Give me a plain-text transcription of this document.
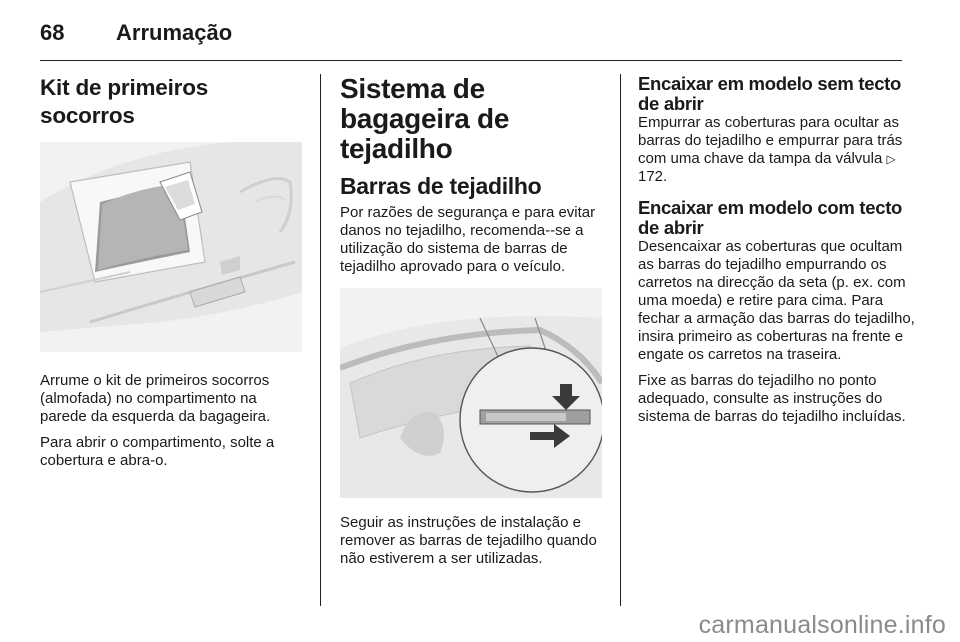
68 Arrumação
Kit de primeiros socorros

Arrume o kit de primeiros socorros (almofada) no compartimento na parede da esquerda da bagageira.

Para abrir o compartimento, solte a cobertura e abra-o.

Sistema de bagageira de tejadilho
Barras de tejadilho

Por razões de segurança e para evitar danos no tejadilho, recomenda--se a utilização do sistema de barras de tejadilho aprovado para o veículo.

Seguir as instruções de instalação e remover as barras de tejadilho quando não estiverem a ser utilizadas.

Encaixar em modelo sem tecto de abrir

Empurrar as coberturas para ocultar as barras do tejadilho e empurrar para trás com uma chave da tampa da válvula ▷ 172.

Encaixar em modelo com tecto de abrir

Desencaixar as coberturas que ocultam as barras do tejadilho empurrando os carretos na direcção da seta (p. ex. com uma moeda) e retire para cima. Para fechar a armação das barras do tejadilho, insira primeiro as coberturas na frente e engate os carretos na traseira.

Fixe as barras do tejadilho no ponto adequado, consulte as instruções do sistema de barras do tejadilho incluídas.

carmanualsonline.info
